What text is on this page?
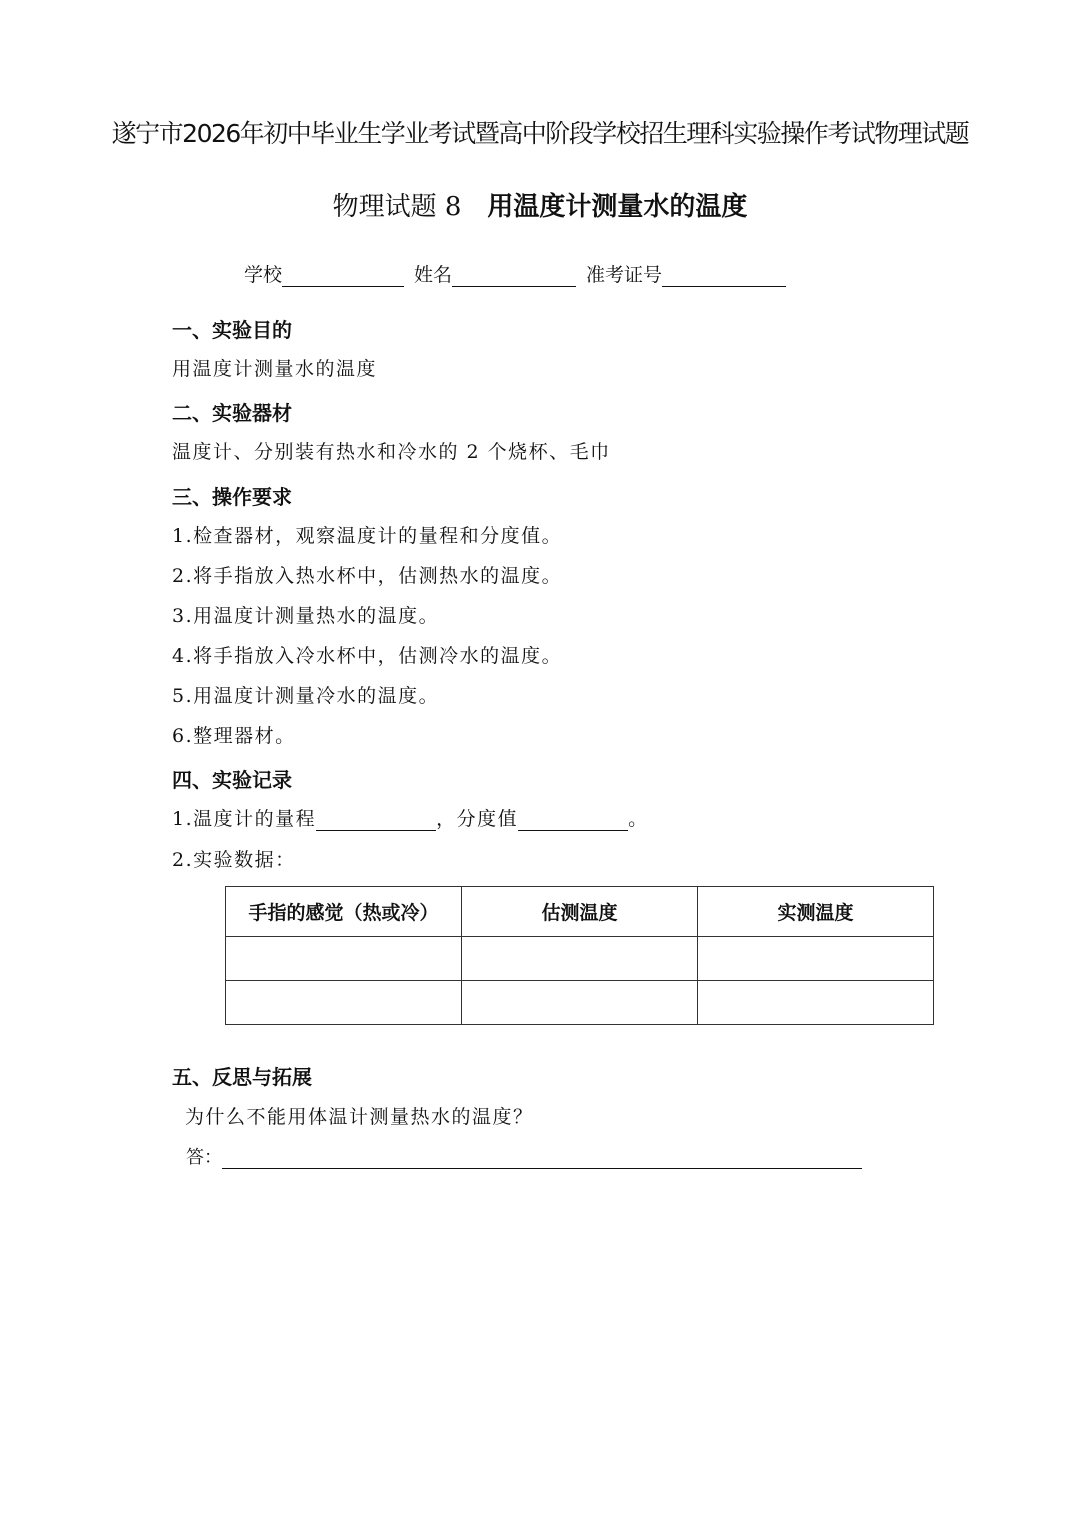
遂宁市2026年初中毕业生学业考试暨高中阶段学校招生理科实验操作考试物理试题
物理试题 8 用温度计测量水的温度
学校	姓名	准考证号
一、实验目的
用温度计测量水的温度
二、实验器材
温度计、分别装有热水和冷水的 2 个烧杯、毛巾
三、操作要求
1.检查器材，观察温度计的量程和分度值。
2.将手指放入热水杯中，估测热水的温度。
3.用温度计测量热水的温度。
4.将手指放入冷水杯中，估测冷水的温度。
5.用温度计测量冷水的温度。
6.整理器材。
四、实验记录
1.温度计的量程	，分度值	。
2.实验数据：
手指的感觉（热或冷）	估测温度	实测温度

五、反思与拓展
为什么不能用体温计测量热水的温度？
答：
